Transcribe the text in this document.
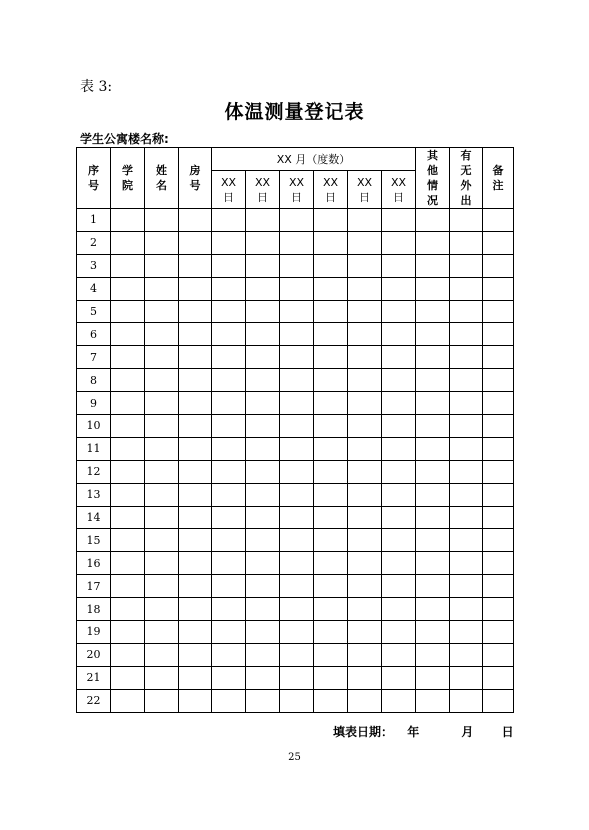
表 3:
体温测量登记表
学生公寓楼名称:
序号	学院	姓名	房号	XX 月（度数）						其他情况	有无外出	备注

				XX日	XX日	XX日	XX日	XX日	XX日			

1												
2												
3												
4												
5												
6												
7												
8												
9												
10												
11												
12												
13												
14												
15												
16												
17												
18												
19												
20												
21												
22												
填表日期： 年	月 日
25
